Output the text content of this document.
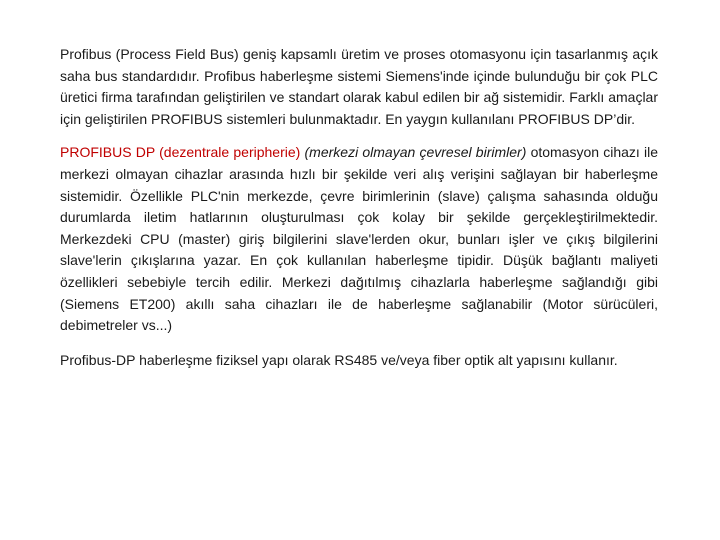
Profibus (Process Field Bus) geniş kapsamlı üretim ve proses otomasyonu için tasarlanmış açık saha bus standardıdır. Profibus haberleşme sistemi Siemens'inde içinde bulunduğu bir çok PLC üretici firma tarafından geliştirilen ve standart olarak kabul edilen bir ağ sistemidir. Farklı amaçlar için geliştirilen PROFIBUS sistemleri bulunmaktadır. En yaygın kullanılanı PROFIBUS DP’dir.

PROFIBUS DP (dezentrale peripherie) (merkezi olmayan çevresel birimler) otomasyon cihazı ile merkezi olmayan cihazlar arasında hızlı bir şekilde veri alış verişini sağlayan bir haberleşme sistemidir. Özellikle PLC'nin merkezde, çevre birimlerinin (slave) çalışma sahasında olduğu durumlarda iletim hatlarının oluşturulması çok kolay bir şekilde gerçekleştirilmektedir. Merkezdeki CPU (master) giriş bilgilerini slave'lerden okur, bunları işler ve çıkış bilgilerini slave'lerin çıkışlarına yazar. En çok kullanılan haberleşme tipidir. Düşük bağlantı maliyeti özellikleri sebebiyle tercih edilir. Merkezi dağıtılmış cihazlarla haberleşme sağlandığı gibi (Siemens ET200) akıllı saha cihazları ile de haberleşme sağlanabilir (Motor sürücüleri, debimetreler vs...)

Profibus-DP haberleşme fiziksel yapı olarak RS485 ve/veya fiber optik alt yapısını kullanır.
